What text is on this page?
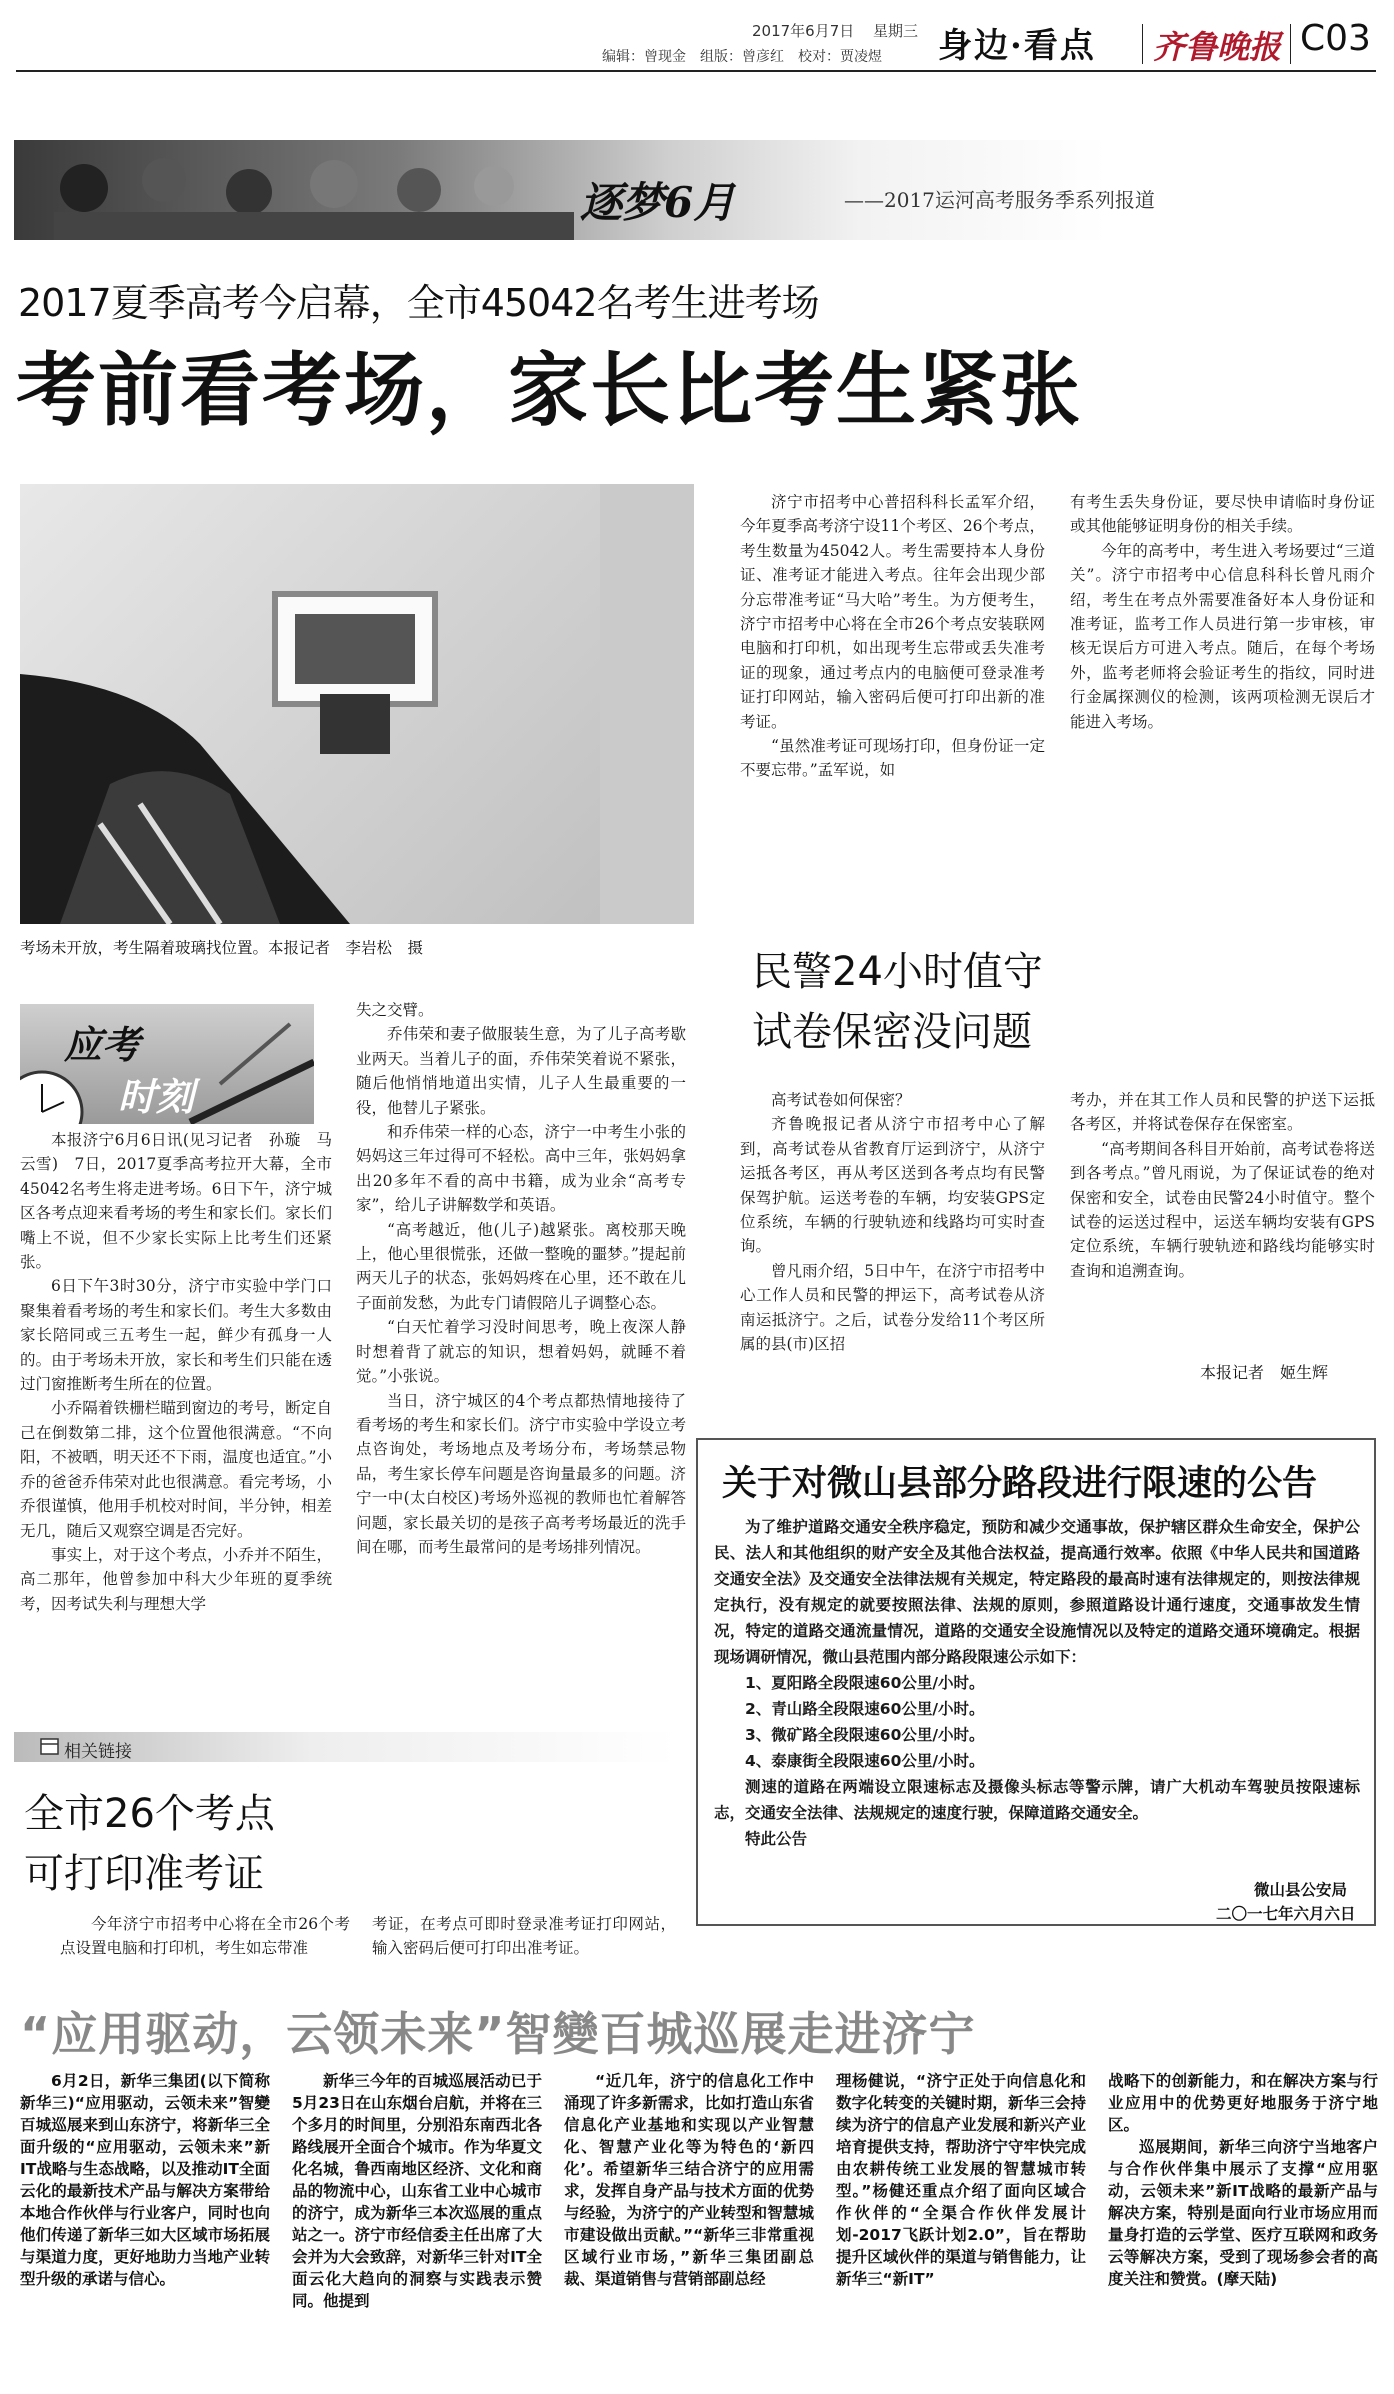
2017年6月7日 星期三
编辑：曾现金　组版：曾彦红　校对：贾凌煜 身边·看点 齐鲁晚报 C03
逐梦6月	——2017运河高考服务季系列报道
2017夏季高考今启幕，全市45042名考生进考场
考前看考场，家长比考生紧张
考场未开放，考生隔着玻璃找位置。本报记者　李岩松　摄

济宁市招考中心普招科科长孟军介绍，今年夏季高考济宁设11个考区、26个考点，考生数量为45042人。考生需要持本人身份证、准考证才能进入考点。往年会出现少部分忘带准考证“马大哈”考生。为方便考生，济宁市招考中心将在全市26个考点安装联网电脑和打印机，如出现考生忘带或丢失准考证的现象，通过考点内的电脑便可登录准考证打印网站，输入密码后便可打印出新的准考证。

“虽然准考证可现场打印，但身份证一定不要忘带。”孟军说，如

有考生丢失身份证，要尽快申请临时身份证或其他能够证明身份的相关手续。

今年的高考中，考生进入考场要过“三道关”。济宁市招考中心信息科科长曾凡雨介绍，考生在考点外需要准备好本人身份证和准考证，监考工作人员进行第一步审核，审核无误后方可进入考点。随后，在每个考场外，监考老师将会验证考生的指纹，同时进行金属探测仪的检测，该两项检测无误后才能进入考场。

应考
时刻

本报济宁6月6日讯(见习记者　孙璇　马云雪)　7日，2017夏季高考拉开大幕，全市45042名考生将走进考场。6日下午，济宁城区各考点迎来看考场的考生和家长们。家长们嘴上不说，但不少家长实际上比考生们还紧张。

6日下午3时30分，济宁市实验中学门口聚集着看考场的考生和家长们。考生大多数由家长陪同或三五考生一起，鲜少有孤身一人的。由于考场未开放，家长和考生们只能在透过门窗推断考生所在的位置。

小乔隔着铁栅栏瞄到窗边的考号，断定自己在倒数第二排，这个位置他很满意。“不向阳，不被晒，明天还不下雨，温度也适宜。”小乔的爸爸乔伟荣对此也很满意。看完考场，小乔很谨慎，他用手机校对时间，半分钟，相差无几，随后又观察空调是否完好。

事实上，对于这个考点，小乔并不陌生，高二那年，他曾参加中科大少年班的夏季统考，因考试失利与理想大学

失之交臂。

乔伟荣和妻子做服装生意，为了儿子高考歇业两天。当着儿子的面，乔伟荣笑着说不紧张，随后他悄悄地道出实情，儿子人生最重要的一役，他替儿子紧张。

和乔伟荣一样的心态，济宁一中考生小张的妈妈这三年过得可不轻松。高中三年，张妈妈拿出20多年不看的高中书籍，成为业余“高考专家”，给儿子讲解数学和英语。

“高考越近，他(儿子)越紧张。离校那天晚上，他心里很慌张，还做一整晚的噩梦。”提起前两天儿子的状态，张妈妈疼在心里，还不敢在儿子面前发愁，为此专门请假陪儿子调整心态。

“白天忙着学习没时间思考，晚上夜深人静时想着背了就忘的知识，想着妈妈，就睡不着觉。”小张说。

当日，济宁城区的4个考点都热情地接待了看考场的考生和家长们。济宁市实验中学设立考点咨询处，考场地点及考场分布，考场禁忌物品，考生家长停车问题是咨询量最多的问题。济宁一中(太白校区)考场外巡视的教师也忙着解答问题，家长最关切的是孩子高考考场最近的洗手间在哪，而考生最常问的是考场排列情况。

民警24小时值守
试卷保密没问题

高考试卷如何保密？

齐鲁晚报记者从济宁市招考中心了解到，高考试卷从省教育厅运到济宁，从济宁运抵各考区，再从考区送到各考点均有民警保驾护航。运送考卷的车辆，均安装GPS定位系统，车辆的行驶轨迹和线路均可实时查询。

曾凡雨介绍，5日中午，在济宁市招考中心工作人员和民警的押运下，高考试卷从济南运抵济宁。之后，试卷分发给11个考区所属的县(市)区招

考办，并在其工作人员和民警的护送下运抵各考区，并将试卷保存在保密室。

“高考期间各科目开始前，高考试卷将送到各考点。”曾凡雨说，为了保证试卷的绝对保密和安全，试卷由民警24小时值守。整个试卷的运送过程中，运送车辆均安装有GPS定位系统，车辆行驶轨迹和路线均能够实时查询和追溯查询。

本报记者　姬生辉
关于对微山县部分路段进行限速的公告
为了维护道路交通安全秩序稳定，预防和减少交通事故，保护辖区群众生命安全，保护公民、法人和其他组织的财产安全及其他合法权益，提高通行效率。依照《中华人民共和国道路交通安全法》及交通安全法律法规有关规定，特定路段的最高时速有法律规定的，则按法律规定执行，没有规定的就要按照法律、法规的原则，参照道路设计通行速度，交通事故发生情况，特定的道路交通流量情况，道路的交通安全设施情况以及特定的道路交通环境确定。根据现场调研情况，微山县范围内部分路段限速公示如下：
1、夏阳路全段限速60公里/小时。
2、青山路全段限速60公里/小时。
3、微矿路全段限速60公里/小时。
4、泰康街全段限速60公里/小时。
测速的道路在两端设立限速标志及摄像头标志等警示牌，请广大机动车驾驶员按限速标志，交通安全法律、法规规定的速度行驶，保障道路交通安全。
特此公告
微山县公安局
二〇一七年六月六日
相关链接
全市26个考点
可打印准考证

今年济宁市招考中心将在全市26个考点设置电脑和打印机，考生如忘带准

考证，在考点可即时登录准考证打印网站，输入密码后便可打印出准考证。

“应用驱动，云领未来”智變百城巡展走进济宁
6月2日，新华三集团(以下简称新华三)“应用驱动，云领未来”智變百城巡展来到山东济宁，将新华三全面升级的“应用驱动，云领未来”新IT战略与生态战略，以及推动IT全面云化的最新技术产品与解决方案带给本地合作伙伴与行业客户，同时也向他们传递了新华三如大区域市场拓展与渠道力度，更好地助力当地产业转型升级的承诺与信心。
新华三今年的百城巡展活动已于5月23日在山东烟台启航，并将在三个多月的时间里，分别沿东南西北各路线展开全面合个城市。作为华夏文化名城，鲁西南地区经济、文化和商品的物流中心，山东省工业中心城市的济宁，成为新华三本次巡展的重点站之一。济宁市经信委主任出席了大会并为大会致辞，对新华三针对IT全面云化大趋向的洞察与实践表示赞同。他提到
“近几年，济宁的信息化工作中涌现了许多新需求，比如打造山东省信息化产业基地和实现以产业智慧化、智慧产业化等为特色的‘新四化’。希望新华三结合济宁的应用需求，发挥自身产品与技术方面的优势与经验，为济宁的产业转型和智慧城市建设做出贡献。”“新华三非常重视区域行业市场，”新华三集团副总裁、渠道销售与营销部副总经
理杨健说，“济宁正处于向信息化和数字化转变的关键时期，新华三会持续为济宁的信息产业发展和新兴产业培育提供支持，帮助济宁守牢快完成由农耕传统工业发展的智慧城市转型。”杨健还重点介绍了面向区域合作伙伴的“全渠合作伙伴发展计划-2017飞跃计划2.0”，旨在帮助提升区域伙伴的渠道与销售能力，让新华三“新IT”
战略下的创新能力，和在解决方案与行业应用中的优势更好地服务于济宁地区。
巡展期间，新华三向济宁当地客户与合作伙伴集中展示了支撑“应用驱动，云领未来”新IT战略的最新产品与解决方案，特别是面向行业市场应用而量身打造的云学堂、医疗互联网和政务云等解决方案，受到了现场参会者的高度关注和赞赏。(摩天陆)
